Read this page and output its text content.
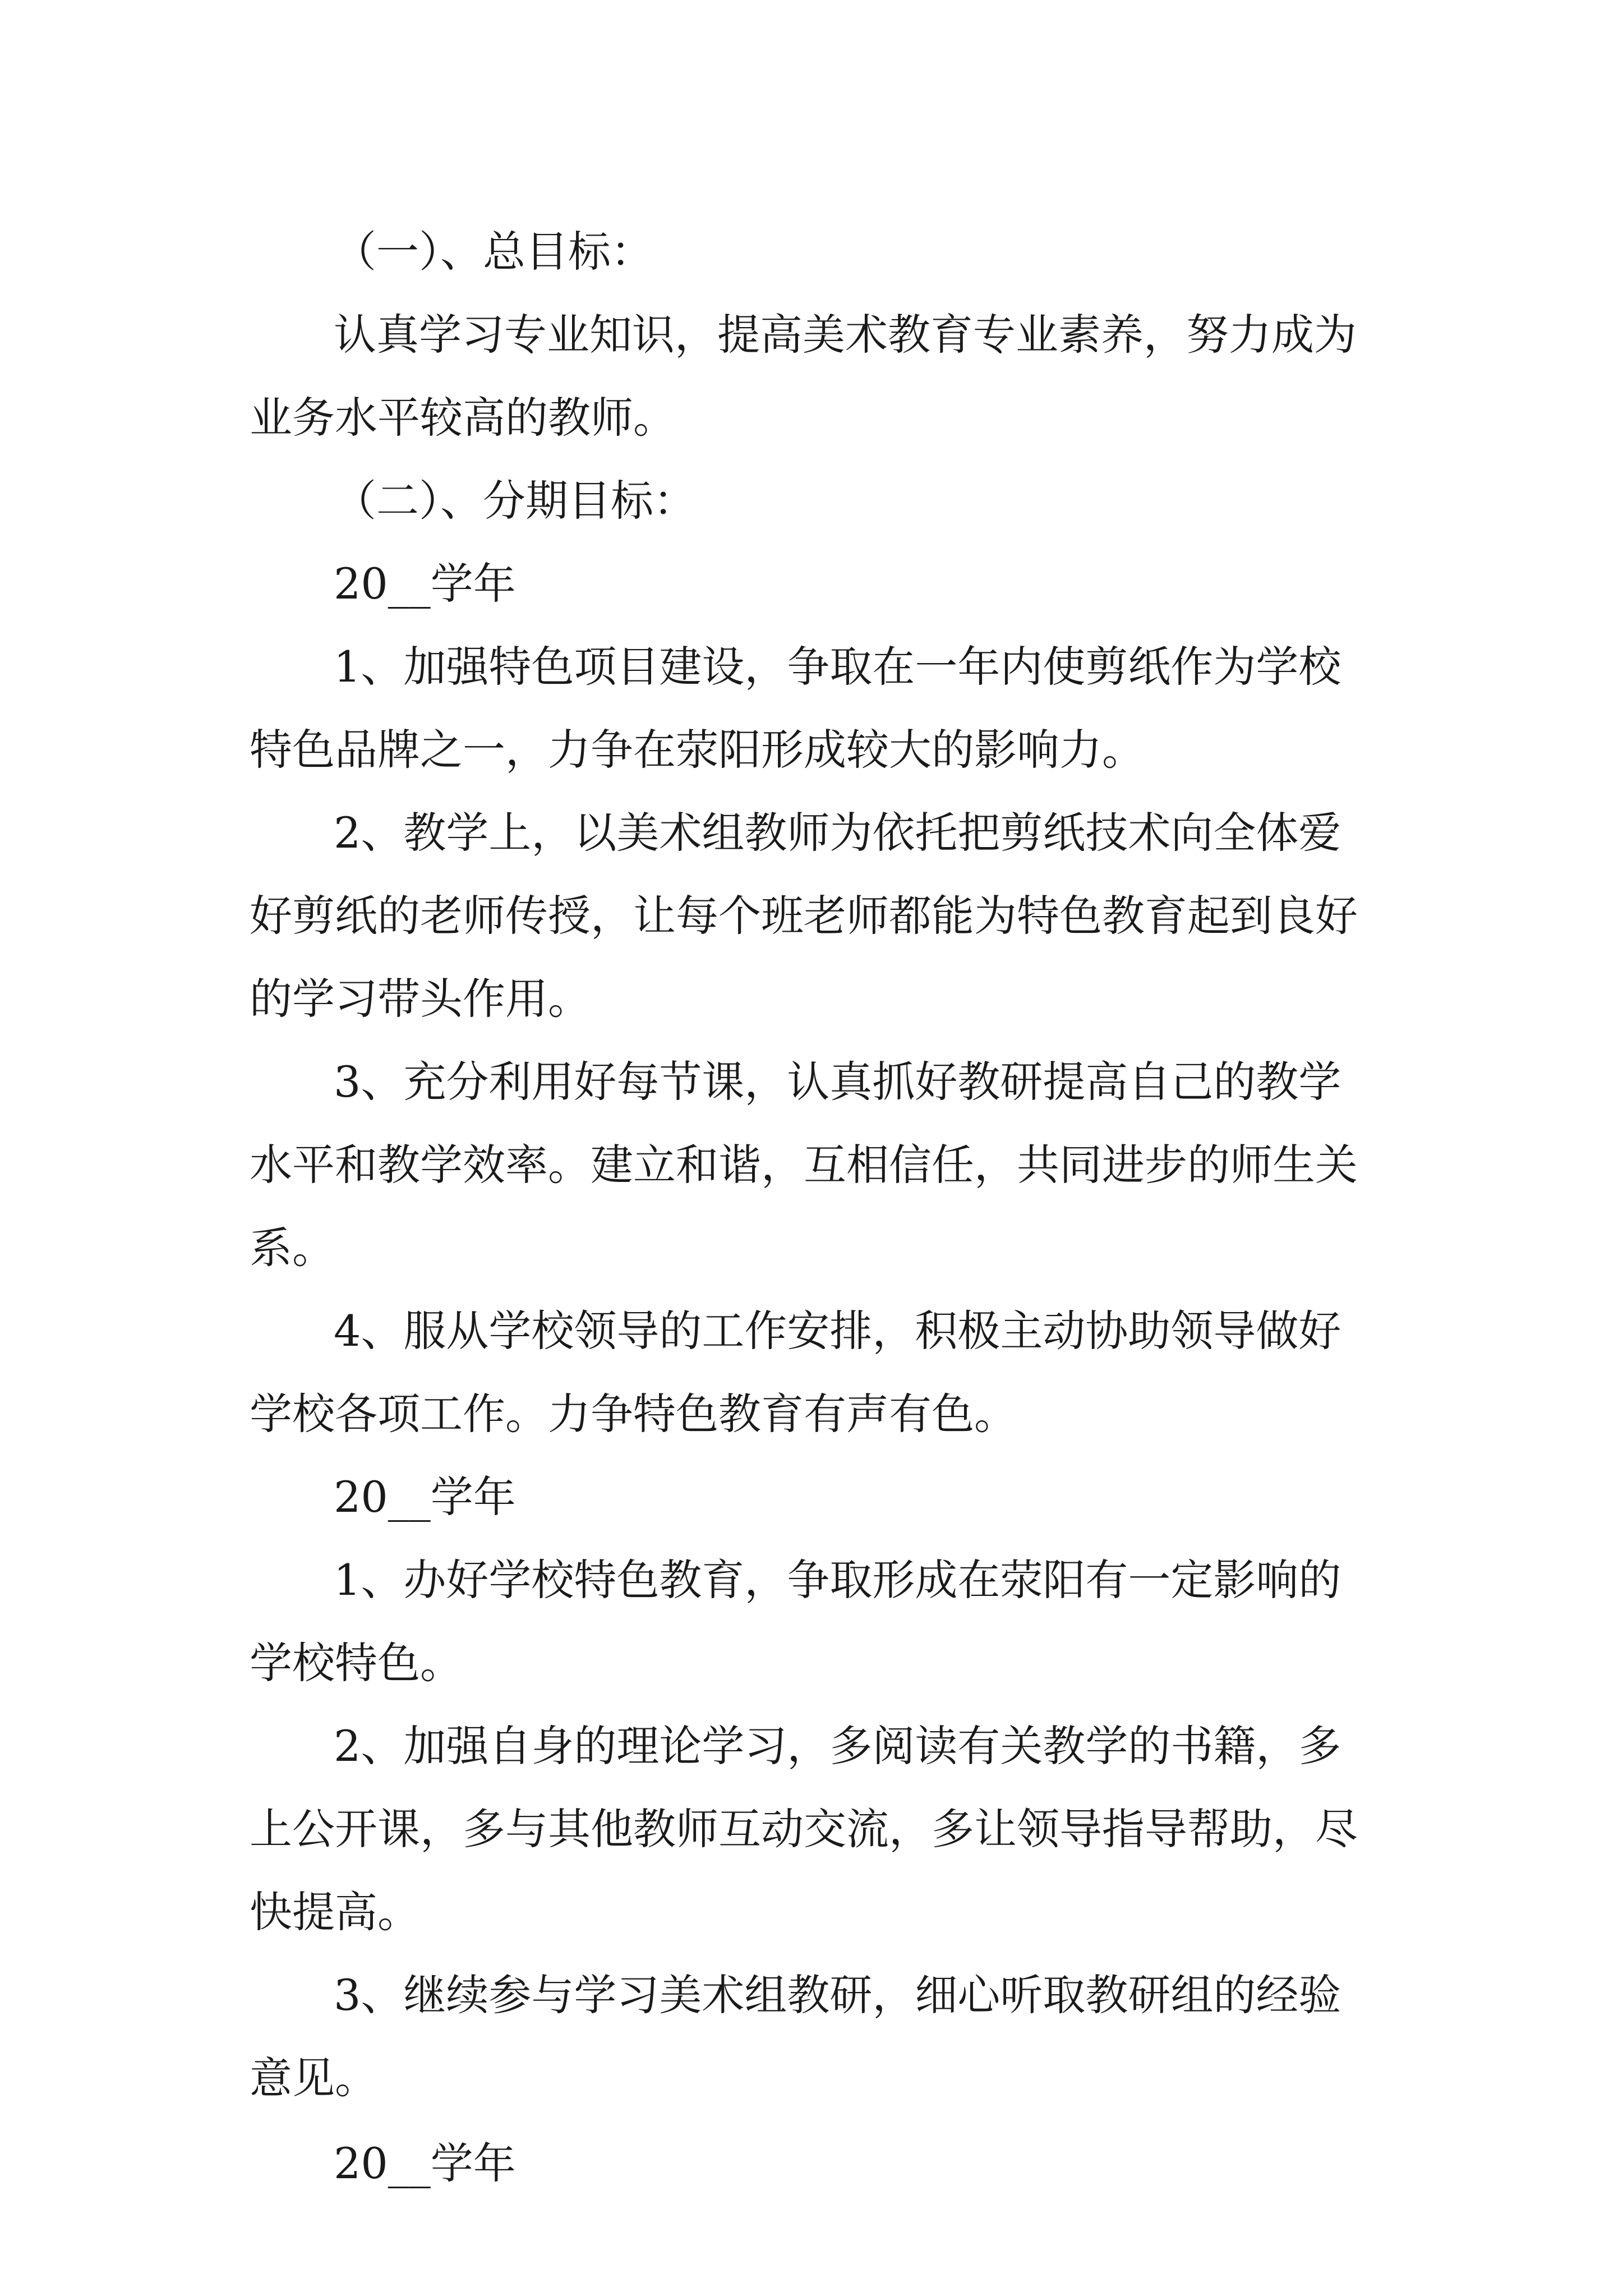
（一）、总目标：
认真学习专业知识，提高美术教育专业素养，努力成为
业务水平较高的教师。
（二）、分期目标：
20__学年
1、加强特色项目建设，争取在一年内使剪纸作为学校
特色品牌之一，力争在荥阳形成较大的影响力。
2、教学上，以美术组教师为依托把剪纸技术向全体爱
好剪纸的老师传授，让每个班老师都能为特色教育起到良好
的学习带头作用。
3、充分利用好每节课，认真抓好教研提高自己的教学
水平和教学效率。建立和谐，互相信任，共同进步的师生关
系。
4、服从学校领导的工作安排，积极主动协助领导做好
学校各项工作。力争特色教育有声有色。
20__学年
1、办好学校特色教育，争取形成在荥阳有一定影响的
学校特色。
2、加强自身的理论学习，多阅读有关教学的书籍，多
上公开课，多与其他教师互动交流，多让领导指导帮助，尽
快提高。
3、继续参与学习美术组教研，细心听取教研组的经验
意见。
20__学年
